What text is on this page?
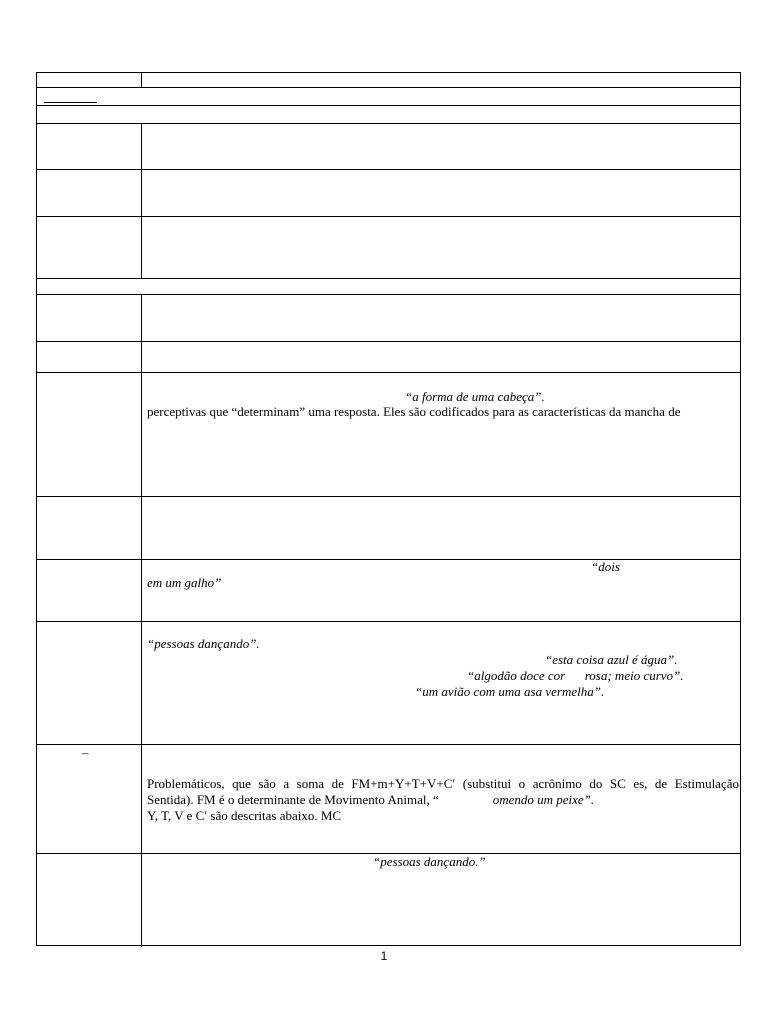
“a forma de uma cabeça”.
perceptivas que “determinam” uma resposta. Eles são codificados para as características da mancha de
“dois
em um galho”
“pessoas dançando”.
“esta coisa azul é água”.
“algodão doce cor      rosa; meio curvo”.
“um avião com uma asa vermelha”.
–
Problemáticos, que são a soma de FM+m+Y+T+V+C′ (substitui o acrônimo do SC es, de Estimulação
Sentida). FM é o determinante de Movimento Animal, “	omendo um peixe”.
Y, T, V e C′ são descritas abaixo. MC
“pessoas dançando.”
1
